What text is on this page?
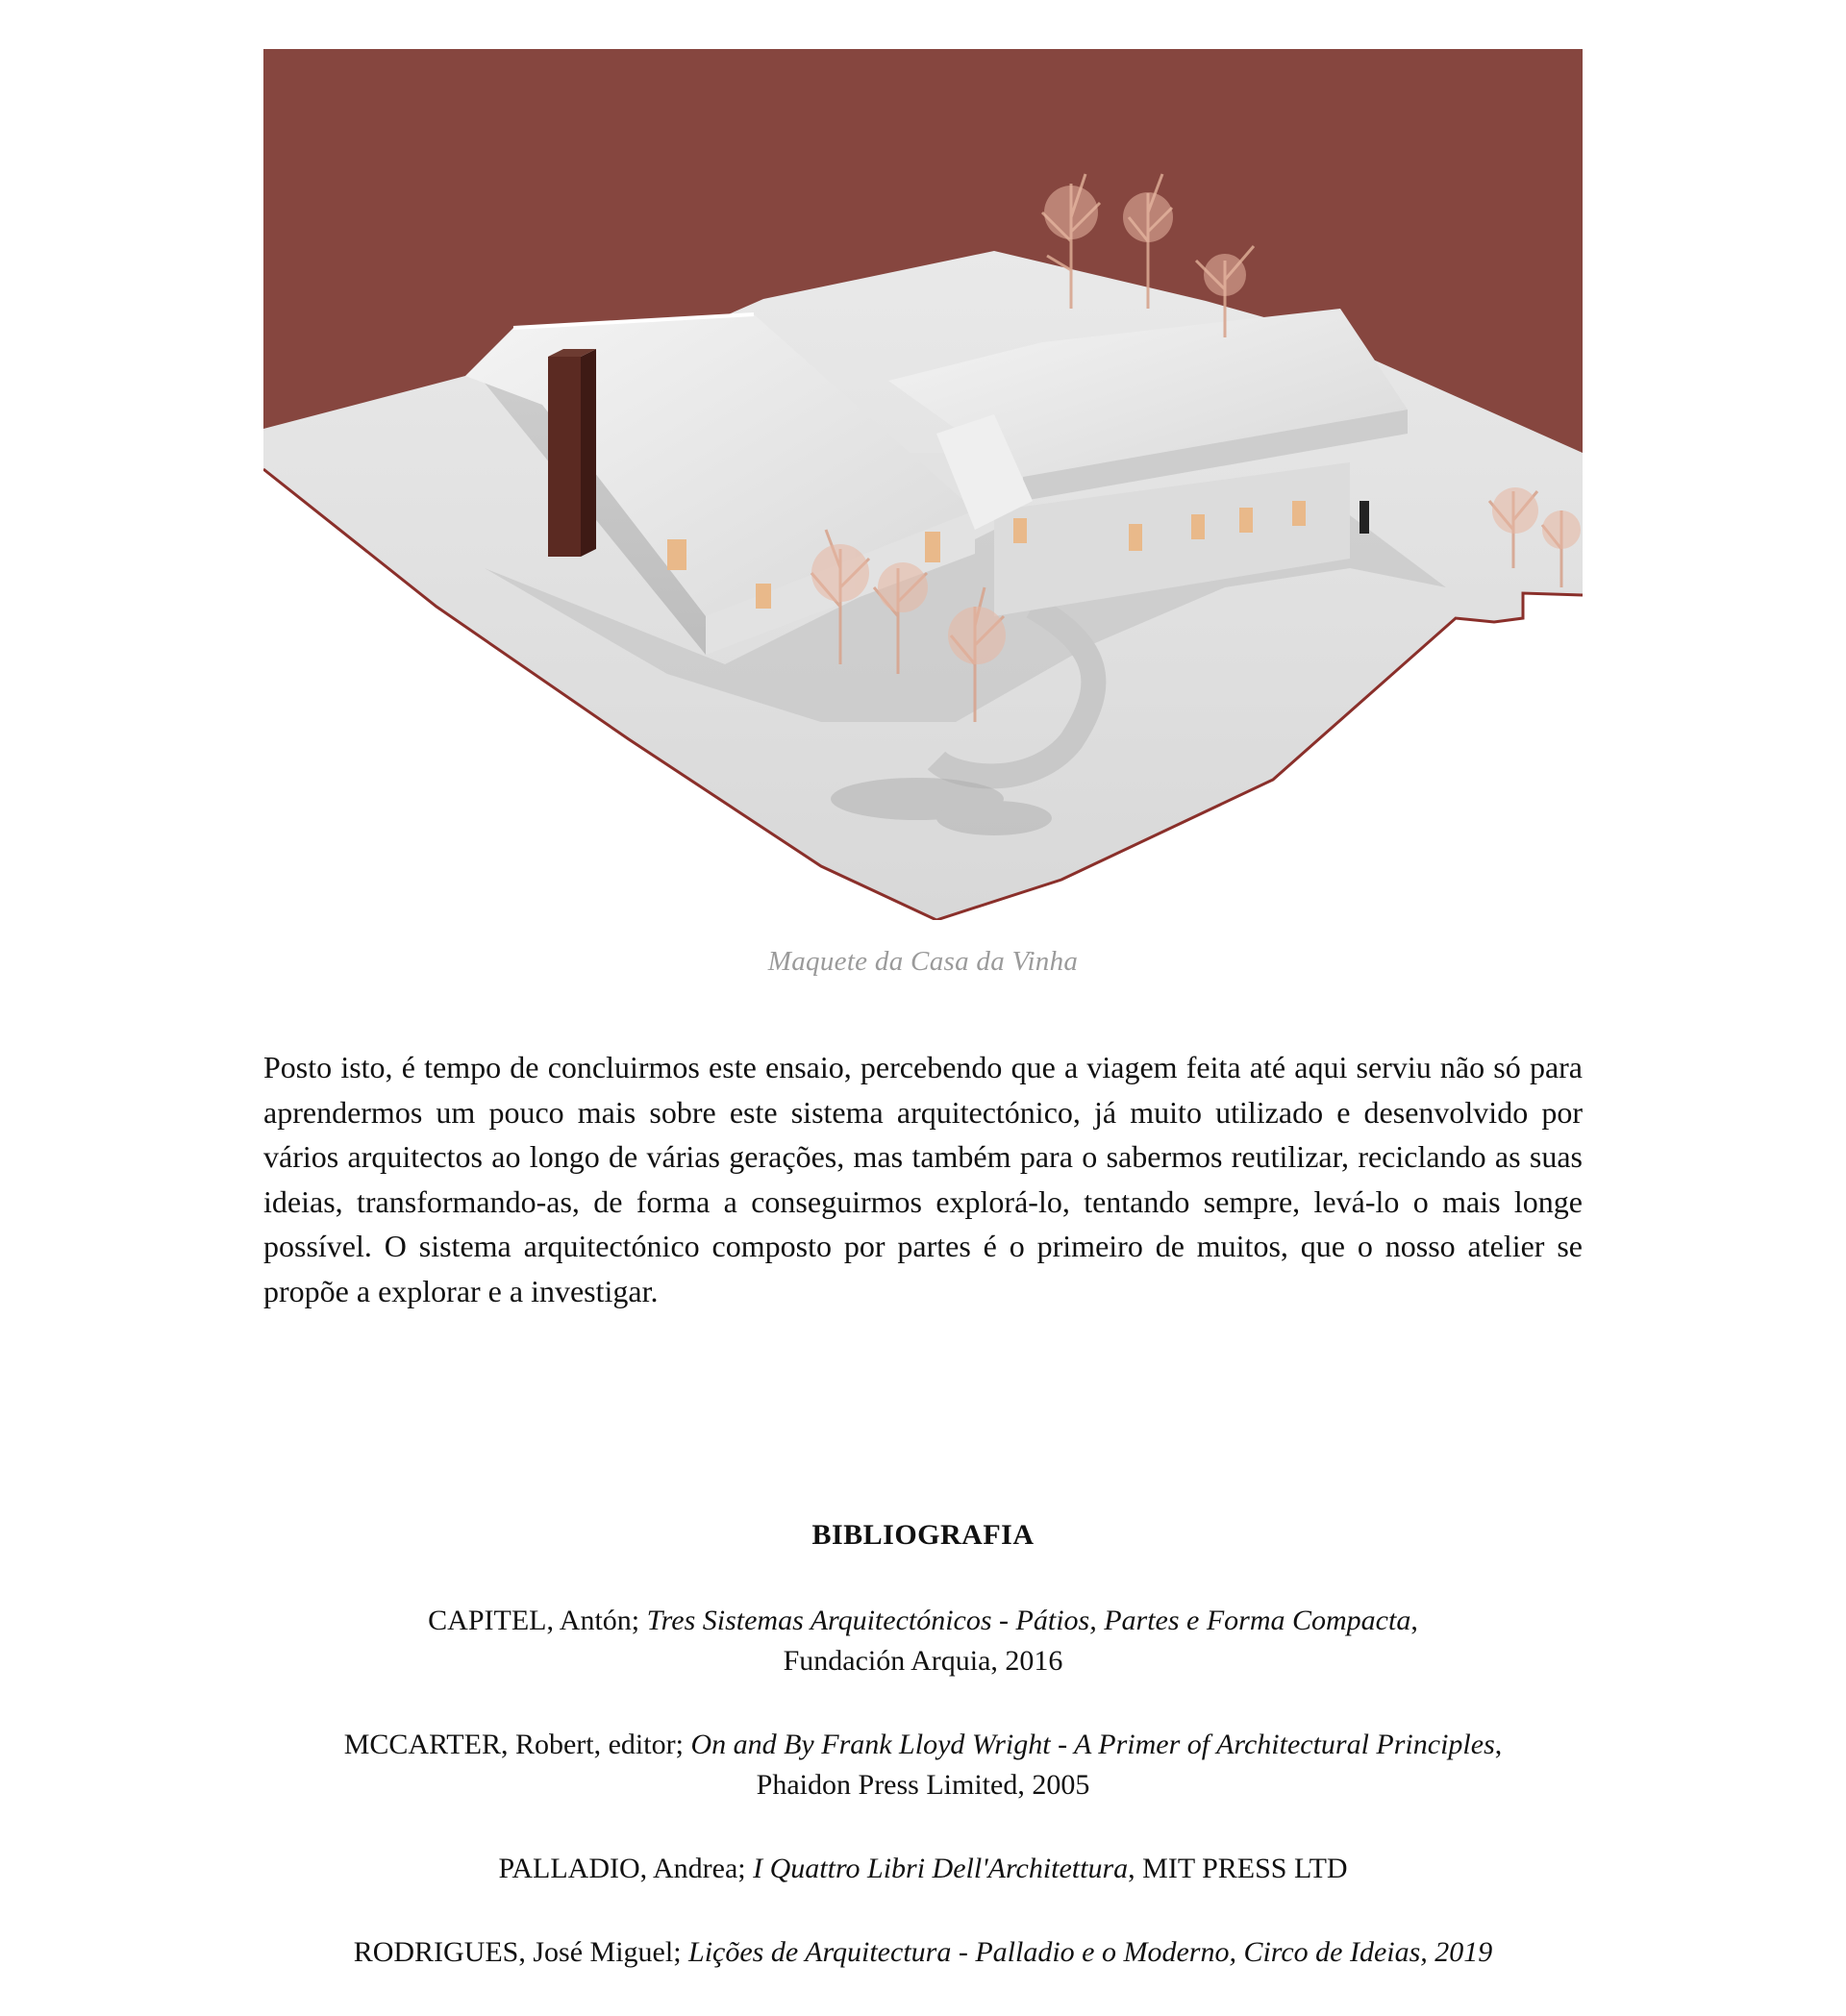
Maquete da Casa da Vinha

Posto isto, é tempo de concluirmos este ensaio, percebendo que a viagem feita até aqui serviu não só para aprendermos um pouco mais sobre este sistema arquitectónico, já muito utilizado e desenvolvido por vários arquitectos ao longo de várias gerações, mas também para o sabermos reutilizar, reciclando as suas ideias, transformando-as, de forma a conseguirmos explorá-lo, tentando sempre, levá-lo o mais longe possível. O sistema arquitectónico composto por partes é o primeiro de muitos, que o nosso atelier se propõe a explorar e a investigar.

BIBLIOGRAFIA
CAPITEL, Antón; Tres Sistemas Arquitectónicos - Pátios, Partes e Forma Compacta,
Fundación Arquia, 2016
MCCARTER, Robert, editor; On and By Frank Lloyd Wright - A Primer of Architectural Principles,
Phaidon Press Limited, 2005
PALLADIO, Andrea; I Quattro Libri Dell'Architettura, MIT PRESS LTD
RODRIGUES, José Miguel; Lições de Arquitectura - Palladio e o Moderno, Circo de Ideias, 2019
